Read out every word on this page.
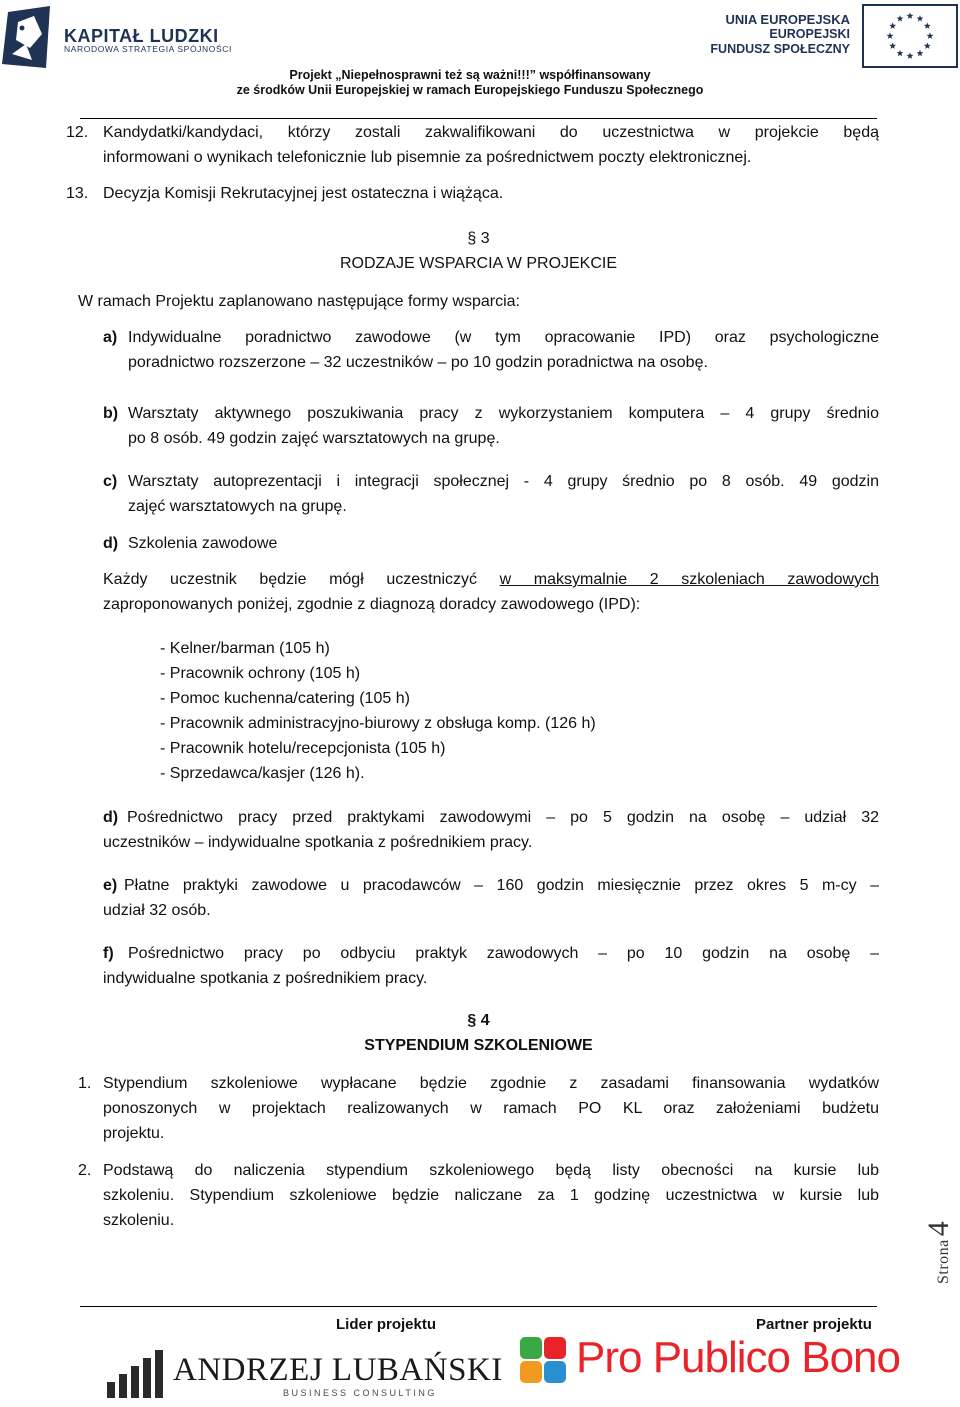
KAPITAŁ LUDZKI
NARODOWA STRATEGIA SPÓJNOŚCI
UNIA EUROPEJSKA
EUROPEJSKI
FUNDUSZ SPOŁECZNY
Projekt „Niepełnosprawni też są ważni!!!” współfinansowany
ze środków Unii Europejskiej w ramach Europejskiego Funduszu Społecznego
12. Kandydatki/kandydaci, którzy zostali zakwalifikowani do uczestnictwa w projekcie będą
informowani o wynikach telefonicznie lub pisemnie za pośrednictwem poczty elektronicznej.
13. Decyzja Komisji Rekrutacyjnej jest ostateczna i wiążąca.
§ 3
RODZAJE WSPARCIA W PROJEKCIE
W ramach Projektu zaplanowano następujące formy wsparcia:
a) Indywidualne poradnictwo zawodowe (w tym opracowanie IPD) oraz psychologiczne
poradnictwo rozszerzone – 32 uczestników – po 10 godzin poradnictwa na osobę.
b) Warsztaty aktywnego poszukiwania pracy z wykorzystaniem komputera – 4 grupy średnio
po 8 osób. 49 godzin zajęć warsztatowych na grupę.
c) Warsztaty autoprezentacji i integracji społecznej - 4 grupy średnio po 8 osób. 49 godzin
zajęć warsztatowych na grupę.
d) Szkolenia zawodowe
Każdy uczestnik będzie mógł uczestniczyć w maksymalnie 2 szkoleniach zawodowych
zaproponowanych poniżej, zgodnie z diagnozą doradcy zawodowego (IPD):
- Kelner/barman (105 h)
- Pracownik ochrony (105 h)
- Pomoc kuchenna/catering (105 h)
- Pracownik administracyjno-biurowy z obsługa komp. (126 h)
- Pracownik hotelu/recepcjonista (105 h)
- Sprzedawca/kasjer (126 h).
d) Pośrednictwo pracy przed praktykami zawodowymi – po 5 godzin na osobę – udział 32
uczestników – indywidualne spotkania z pośrednikiem pracy.
e) Płatne praktyki zawodowe u pracodawców – 160 godzin miesięcznie przez okres 5 m-cy –
udział 32 osób.
f) Pośrednictwo pracy po odbyciu praktyk zawodowych – po 10 godzin na osobę –
indywidualne spotkania z pośrednikiem pracy.
§ 4
STYPENDIUM SZKOLENIOWE
1. Stypendium szkoleniowe wypłacane będzie zgodnie z zasadami finansowania wydatków
ponoszonych w projektach realizowanych w ramach PO KL oraz założeniami budżetu
projektu.
2. Podstawą do naliczenia stypendium szkoleniowego będą listy obecności na kursie lub
szkoleniu. Stypendium szkoleniowe będzie naliczane za 1 godzinę uczestnictwa w kursie lub
szkoleniu.
Strona4
Lider projektu	Partner projektu
ANDRZEJ LUBAŃSKI
BUSINESS CONSULTING
Pro Publico Bono
